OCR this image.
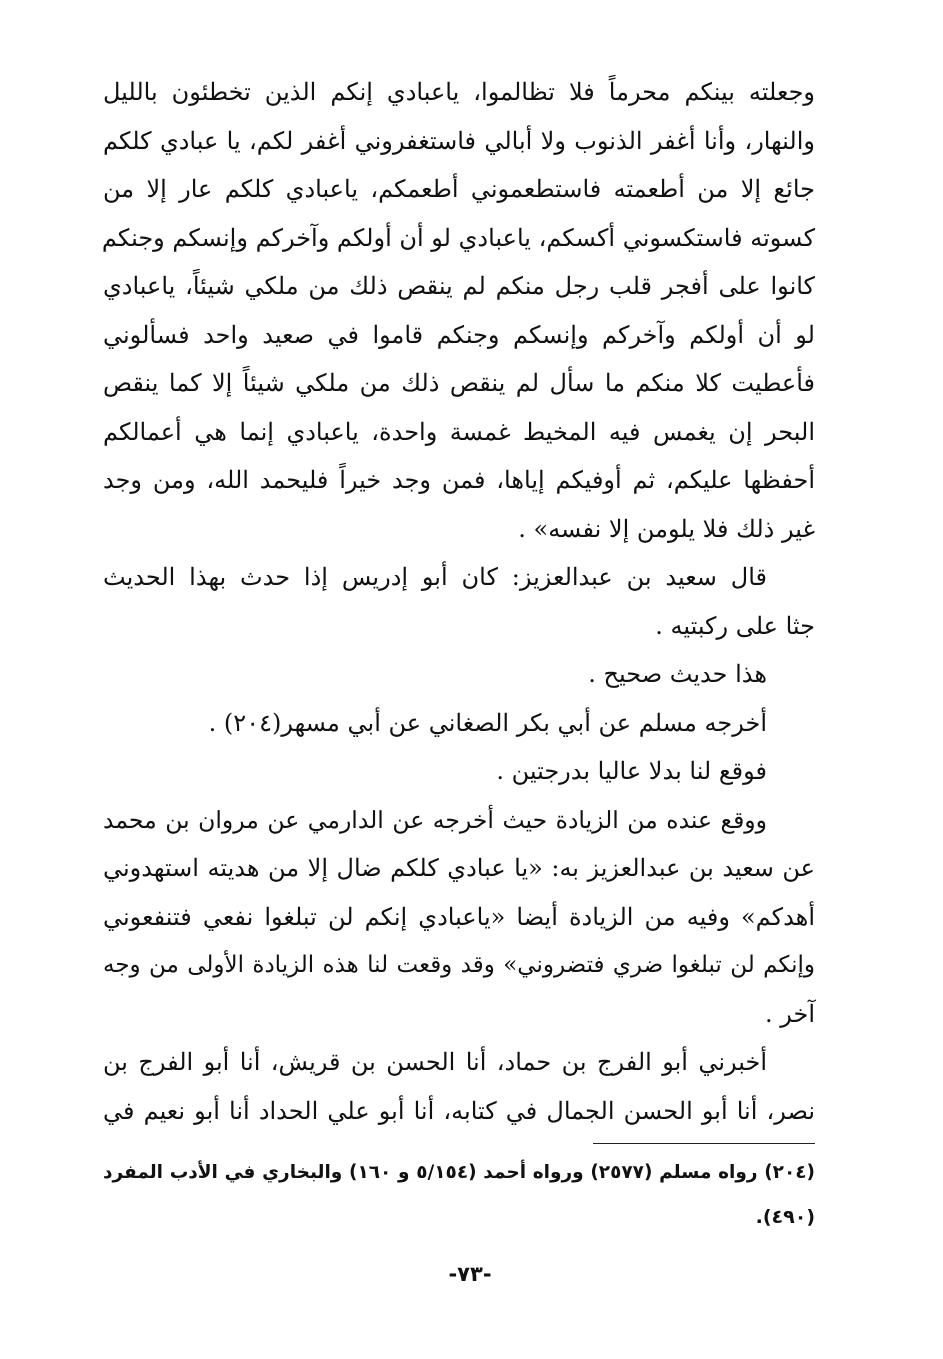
وجعلته بينكم محرماً فلا تظالموا، ياعبادي إنكم الذين تخطئون بالليل
والنهار، وأنا أغفر الذنوب ولا أبالي فاستغفروني أغفر لكم، يا عبادي كلكم
جائع إلا من أطعمته فاستطعموني أطعمكم، ياعبادي كلكم عار إلا من
كسوته فاستكسوني أكسكم، ياعبادي لو أن أولكم وآخركم وإنسكم وجنكم
كانوا على أفجر قلب رجل منكم لم ينقص ذلك من ملكي شيئاً، ياعبادي
لو أن أولكم وآخركم وإنسكم وجنكم قاموا في صعيد واحد فسألوني
فأعطيت كلا منكم ما سأل لم ينقص ذلك من ملكي شيئاً إلا كما ينقص
البحر إن يغمس فيه المخيط غمسة واحدة، ياعبادي إنما هي أعمالكم
أحفظها عليكم، ثم أوفيكم إياها، فمن وجد خيراً فليحمد الله، ومن وجد
غير ذلك فلا يلومن إلا نفسه» .
قال سعيد بن عبدالعزيز: كان أبو إدريس إذا حدث بهذا الحديث
جثا على ركبتيه .
هذا حديث صحيح .
أخرجه مسلم عن أبي بكر الصغاني عن أبي مسهر(٢٠٤) .
فوقع لنا بدلا عاليا بدرجتين .
ووقع عنده من الزيادة حيث أخرجه عن الدارمي عن مروان بن محمد
عن سعيد بن عبدالعزيز به: «يا عبادي كلكم ضال إلا من هديته استهدوني
أهدكم» وفيه من الزيادة أيضا «ياعبادي إنكم لن تبلغوا نفعي فتنفعوني
وإنكم لن تبلغوا ضري فتضروني» وقد وقعت لنا هذه الزيادة الأولى من وجه
آخر .
أخبرني أبو الفرج بن حماد، أنا الحسن بن قريش، أنا أبو الفرج بن
نصر، أنا أبو الحسن الجمال في كتابه، أنا أبو علي الحداد أنا أبو نعيم في
(٢٠٤) رواه مسلم (٢٥٧٧) ورواه أحمد (٥/١٥٤ و ١٦٠) والبخاري في الأدب المفرد
(٤٩٠).
-٧٣-
